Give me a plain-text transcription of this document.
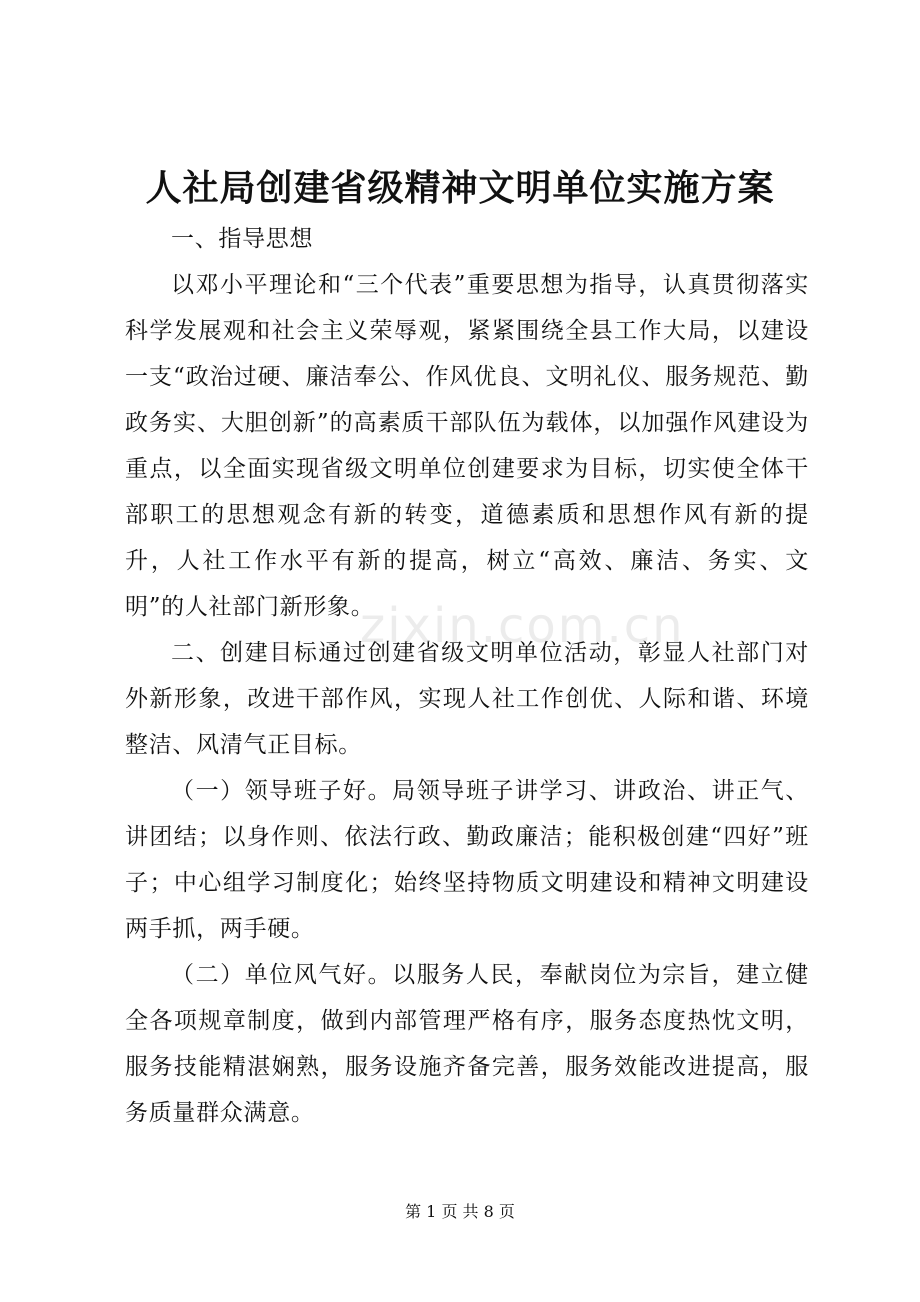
人社局创建省级精神文明单位实施方案

一、指导思想

以邓小平理论和“三个代表”重要思想为指导，认真贯彻落实科学发展观和社会主义荣辱观，紧紧围绕全县工作大局，以建设一支“政治过硬、廉洁奉公、作风优良、文明礼仪、服务规范、勤政务实、大胆创新”的高素质干部队伍为载体，以加强作风建设为重点，以全面实现省级文明单位创建要求为目标，切实使全体干部职工的思想观念有新的转变，道德素质和思想作风有新的提升，人社工作水平有新的提高，树立“高效、廉洁、务实、文明”的人社部门新形象。

二、创建目标通过创建省级文明单位活动，彰显人社部门对外新形象，改进干部作风，实现人社工作创优、人际和谐、环境整洁、风清气正目标。

（一）领导班子好。局领导班子讲学习、讲政治、讲正气、讲团结；以身作则、依法行政、勤政廉洁；能积极创建“四好”班子；中心组学习制度化；始终坚持物质文明建设和精神文明建设两手抓，两手硬。

（二）单位风气好。以服务人民，奉献岗位为宗旨，建立健全各项规章制度，做到内部管理严格有序，服务态度热忱文明，服务技能精湛娴熟，服务设施齐备完善，服务效能改进提高，服务质量群众满意。

zixin.com.cn
第 1 页 共 8 页
